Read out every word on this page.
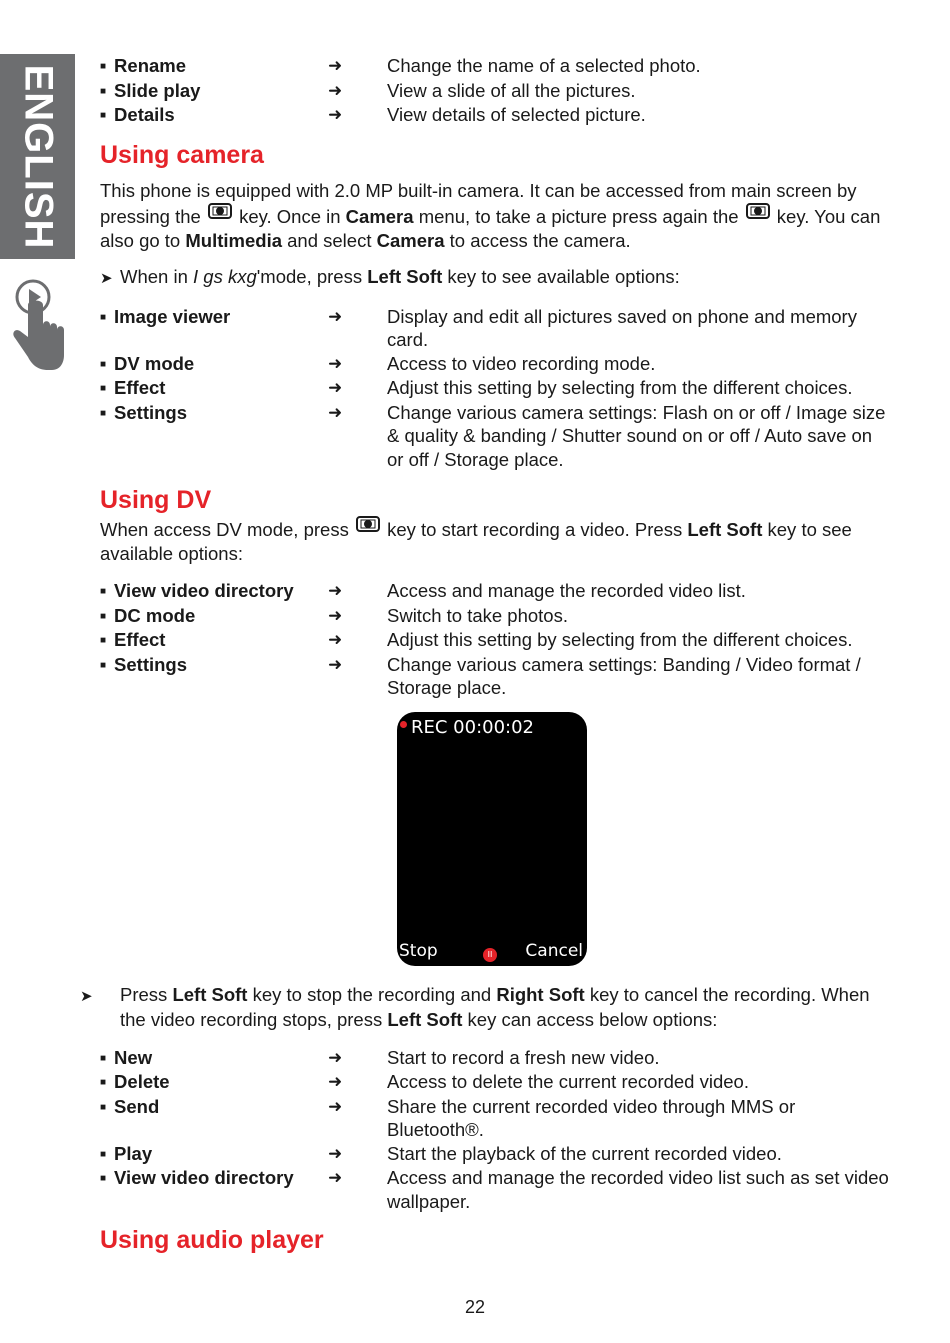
ENGLISH
■	Rename	➜	Change the name of a selected photo.
■ Slide play	➜	View a slide of all the pictures.
■ Details	➜	View details of selected picture.
Using camera

This phone is equipped with 2.0 MP built-in camera. It can be accessed from main screen by pressing the  key. Once in Camera menu, to take a picture press again the  key. You can also go to Multimedia and select Camera to access the camera.

➤ When in I gs kxg'mode, press Left Soft key to see available options:

■ Image viewer	➜	Display and edit all pictures saved on phone and memory card.
■ DV mode	➜	Access to video recording mode.
■ Effect	➜	Adjust this setting by selecting from the different choices.
■ Settings	➜	Change various camera settings: Flash on or off / Image size & quality & banding / Shutter sound on or off / Auto save on or off / Storage place.
Using DV

When access DV mode, press  key to start recording a video. Press Left Soft key to see available options:

■ View video directory	➜	Access and manage the recorded video list.
■ DC mode	➜	Switch to take photos.
■ Effect	➜	Adjust this setting by selecting from the different choices.
■ Settings	➜	Change various camera settings: Banding / Video format / Storage place.
REC 00:00:02
Stop	II Cancel

➤ Press Left Soft key to stop the recording and Right Soft key to cancel the recording. When the video recording stops, press Left Soft key can access below options:

■ New	➜	Start to record a fresh new video.
■ Delete	➜	Access to delete the current recorded video.
■ Send	➜	Share the current recorded video through MMS or Bluetooth®.
■ Play	➜	Start the playback of the current recorded video.
■ View video directory	➜	Access and manage the recorded video list such as set video wallpaper.
Using audio player
22
